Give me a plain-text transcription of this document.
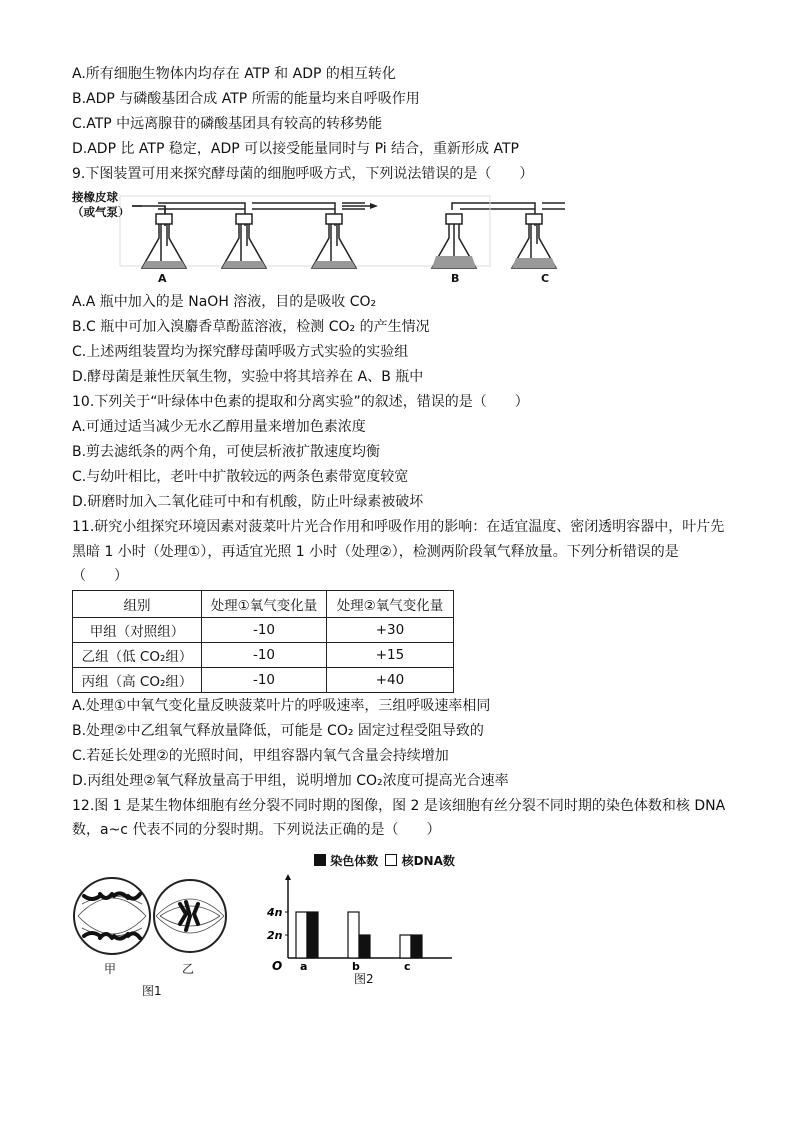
A.所有细胞生物体内均存在 ATP 和 ADP 的相互转化
B.ADP 与磷酸基团合成 ATP 所需的能量均来自呼吸作用
C.ATP 中远离腺苷的磷酸基团具有较高的转移势能
D.ADP 比 ATP 稳定，ADP 可以接受能量同时与 Pi 结合，重新形成 ATP
9.下图装置可用来探究酵母菌的细胞呼吸方式，下列说法错误的是（　　）
接橡皮球
（或气泵）
A	B	C
A.A 瓶中加入的是 NaOH 溶液，目的是吸收 CO₂
B.C 瓶中可加入溴麝香草酚蓝溶液，检测 CO₂ 的产生情况
C.上述两组装置均为探究酵母菌呼吸方式实验的实验组
D.酵母菌是兼性厌氧生物，实验中将其培养在 A、B 瓶中
10.下列关于“叶绿体中色素的提取和分离实验”的叙述，错误的是（　　）
A.可通过适当减少无水乙醇用量来增加色素浓度
B.剪去滤纸条的两个角，可使层析液扩散速度均衡
C.与幼叶相比，老叶中扩散较远的两条色素带宽度较宽
D.研磨时加入二氧化硅可中和有机酸，防止叶绿素被破坏
11.研究小组探究环境因素对菠菜叶片光合作用和呼吸作用的影响：在适宜温度、密闭透明容器中，叶片先
黑暗 1 小时（处理①），再适宜光照 1 小时（处理②），检测两阶段氧气释放量。下列分析错误的是
（　　）
组别	处理①氧气变化量	处理②氧气变化量
甲组（对照组）	-10	+30
乙组（低 CO₂组）	-10	+15
丙组（高 CO₂组）	-10	+40
A.处理①中氧气变化量反映菠菜叶片的呼吸速率，三组呼吸速率相同
B.处理②中乙组氧气释放量降低，可能是 CO₂ 固定过程受阻导致的
C.若延长处理②的光照时间，甲组容器内氧气含量会持续增加
D.丙组处理②氧气释放量高于甲组，说明增加 CO₂浓度可提高光合速率
12.图 1 是某生物体细胞有丝分裂不同时期的图像，图 2 是该细胞有丝分裂不同时期的染色体数和核 DNA
数，a~c 代表不同的分裂时期。下列说法正确的是（　　）
甲	乙
图1
染色体数 核DNA数
O
2n
4n
a	b	c
图2
